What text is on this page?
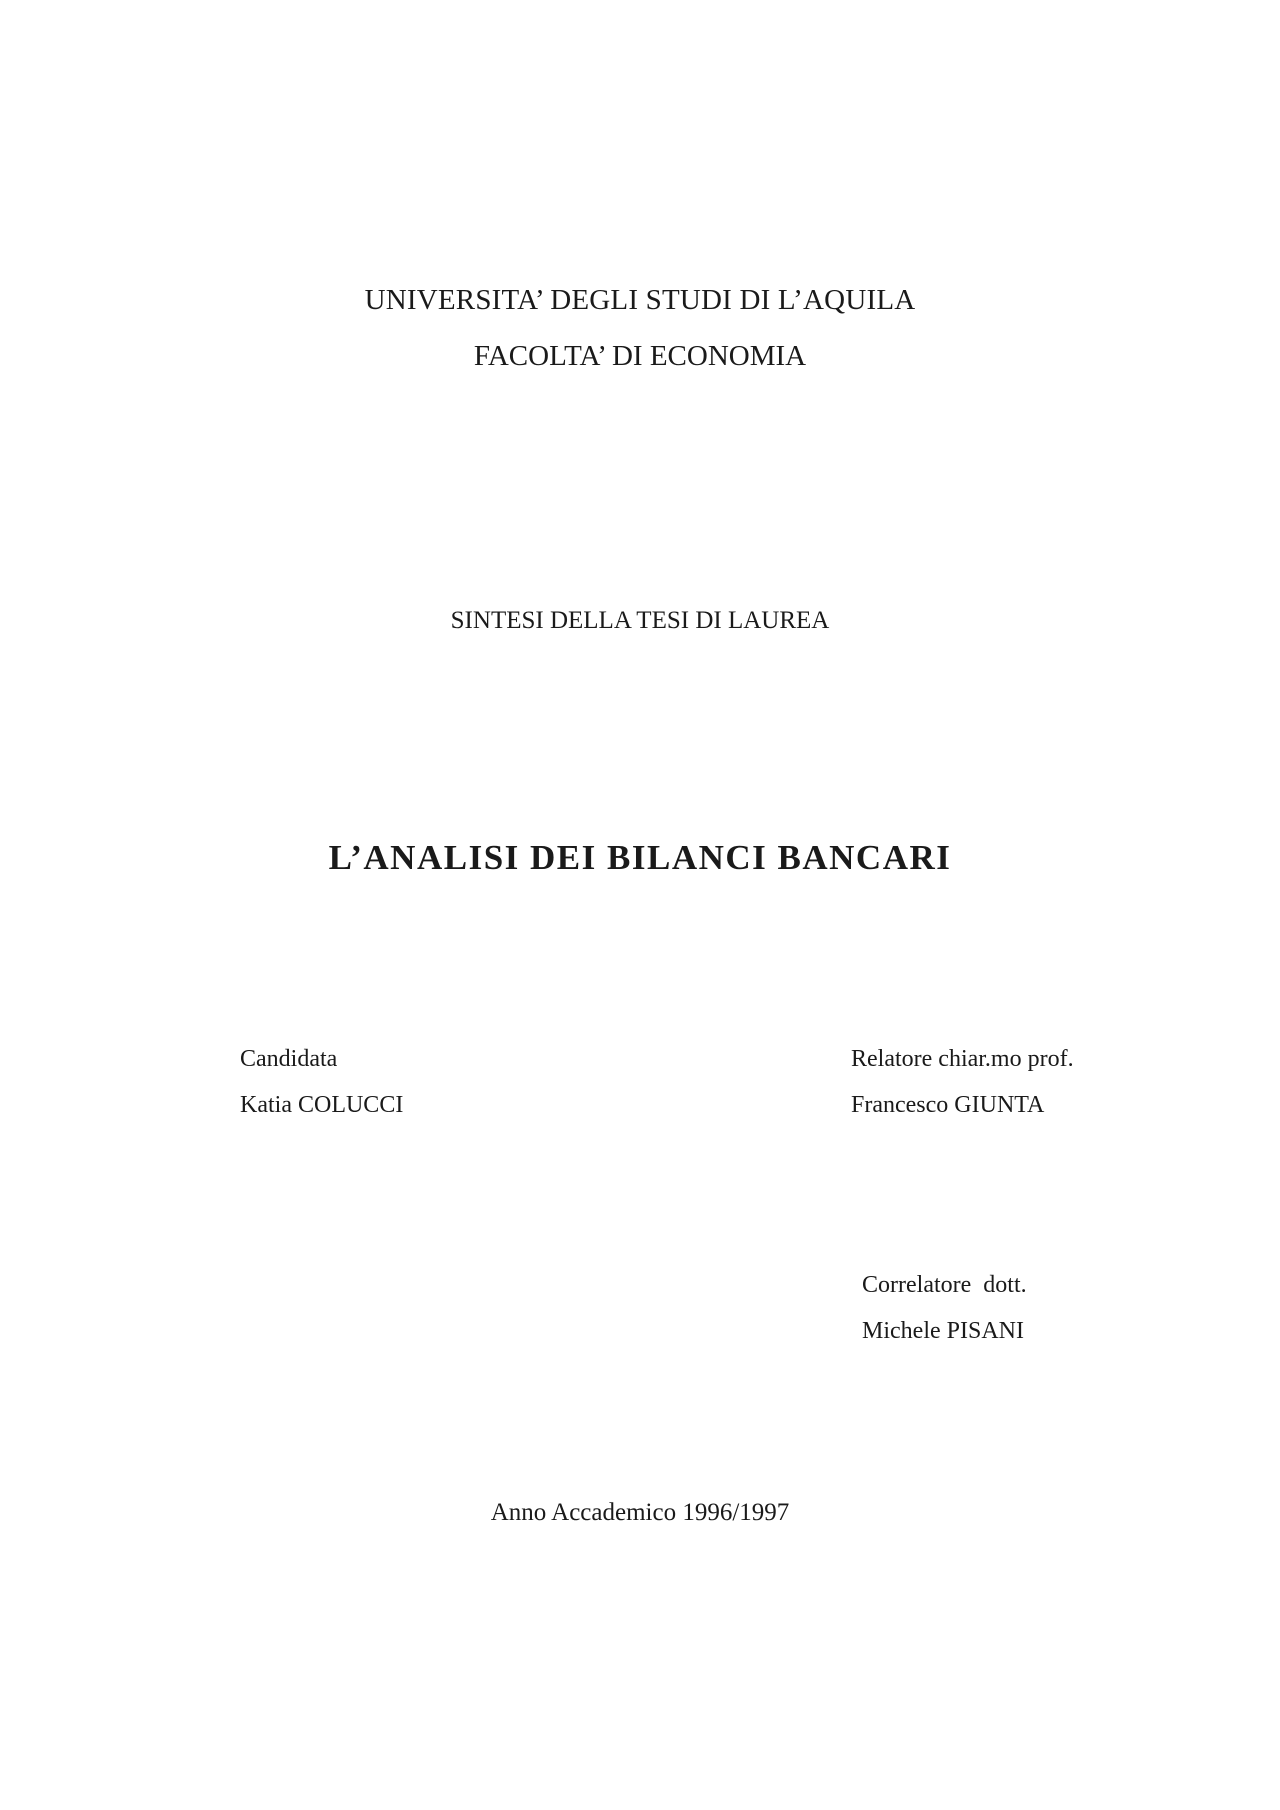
UNIVERSITA’ DEGLI STUDI DI L’AQUILA
FACOLTA’ DI ECONOMIA
SINTESI DELLA TESI DI LAUREA
L’ANALISI DEI BILANCI BANCARI
Candidata
Katia COLUCCI
Relatore chiar.mo prof.
Francesco GIUNTA
Correlatore  dott.
Michele PISANI
Anno Accademico 1996/1997
